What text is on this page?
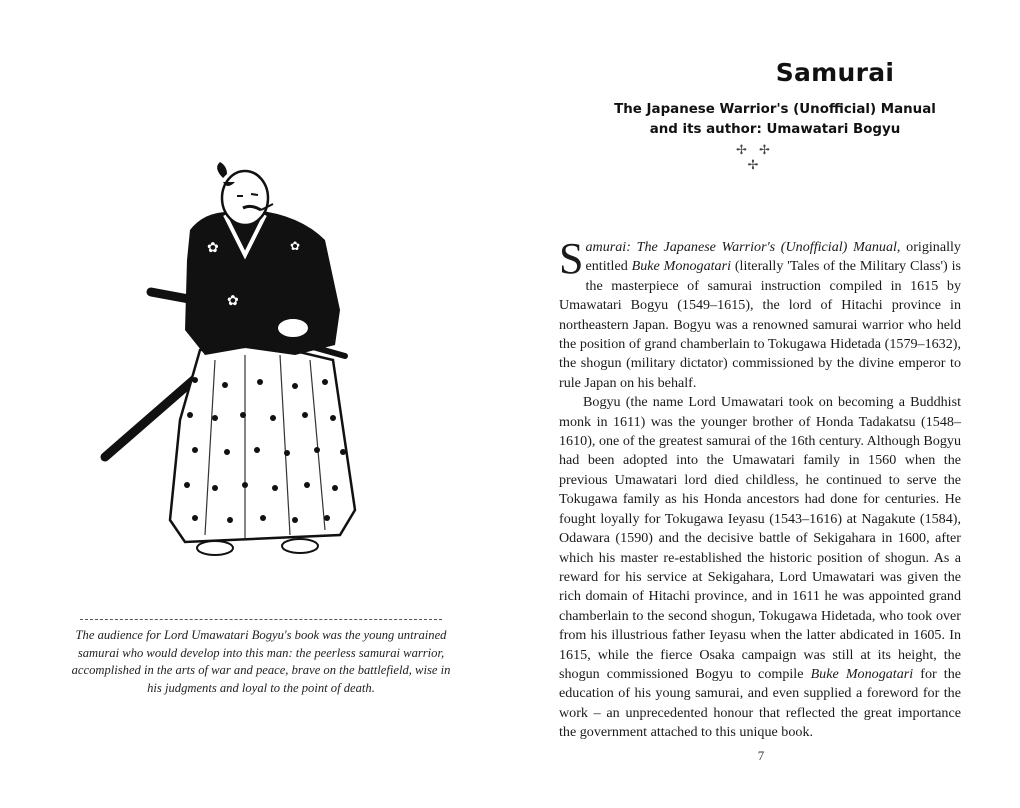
✿
✿
✿
The audience for Lord Umawatari Bogyu's book was the young untrained samurai who would develop into this man: the peerless samurai warrior, accomplished in the arts of war and peace, brave on the battlefield, wise in his judgments and loyal to the point of death.
Samurai
The Japanese Warrior's (Unofficial) Manual
and its author: Umawatari Bogyu
✢ ✢ ✢

Samurai: The Japanese Warrior's (Unofficial) Manual, originally entitled Buke Monogatari (literally 'Tales of the Military Class') is the masterpiece of samurai instruction compiled in 1615 by Umawatari Bogyu (1549–1615), the lord of Hitachi province in northeastern Japan. Bogyu was a renowned samurai warrior who held the position of grand chamberlain to Tokugawa Hidetada (1579–1632), the shogun (military dictator) commissioned by the divine emperor to rule Japan on his behalf.

Bogyu (the name Lord Umawatari took on becoming a Buddhist monk in 1611) was the younger brother of Honda Tadakatsu (1548–1610), one of the greatest samurai of the 16th century. Although Bogyu had been adopted into the Umawatari family in 1560 when the previous Umawatari lord died childless, he continued to serve the Tokugawa family as his Honda ancestors had done for centuries. He fought loyally for Tokugawa Ieyasu (1543–1616) at Nagakute (1584), Odawara (1590) and the decisive battle of Sekigahara in 1600, after which his master re-established the historic position of shogun. As a reward for his service at Sekigahara, Lord Umawatari was given the rich domain of Hitachi province, and in 1611 he was appointed grand chamberlain to the second shogun, Tokugawa Hidetada, who took over from his illustrious father Ieyasu when the latter abdicated in 1605. In 1615, while the fierce Osaka campaign was still at its height, the shogun commissioned Bogyu to compile Buke Monogatari for the education of his young samurai, and even supplied a foreword for the work – an unprecedented honour that reflected the great importance the government attached to this unique book.

7
